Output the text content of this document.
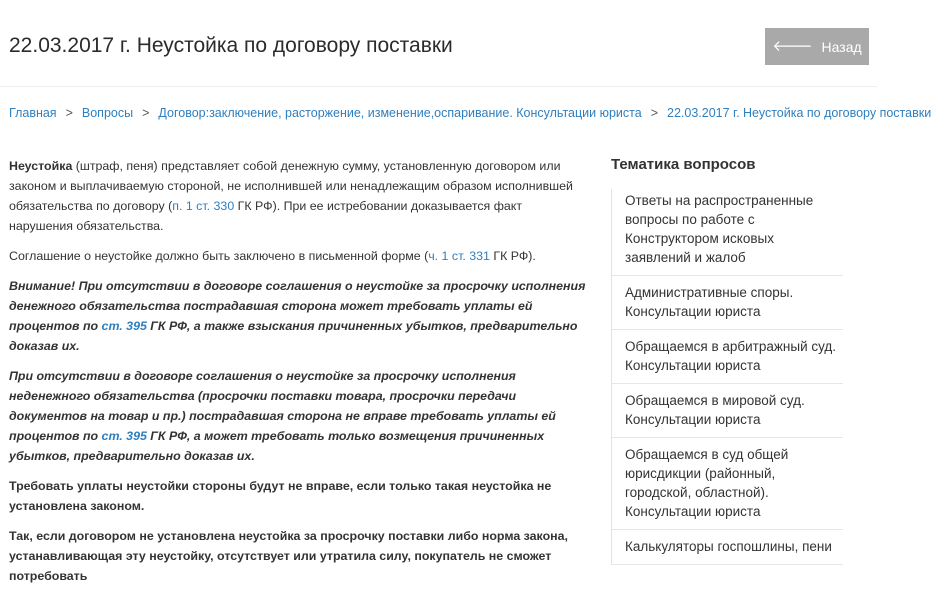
22.03.2017 г. Неустойка по договору поставки	🡐 Назад
Главная > Вопросы > Договор:заключение, расторжение, изменение,оспаривание. Консультации юриста > 22.03.2017 г. Неустойка по договору поставки

Неустойка (штраф, пеня) представляет собой денежную сумму, установленную договором или законом и выплачиваемую стороной, не исполнившей или ненадлежащим образом исполнившей обязательства по договору (п. 1 ст. 330 ГК РФ). При ее истребовании доказывается факт нарушения обязательства.

Соглашение о неустойке должно быть заключено в письменной форме (ч. 1 ст. 331 ГК РФ).

Внимание! При отсутствии в договоре соглашения о неустойке за просрочку исполнения денежного обязательства пострадавшая сторона может требовать уплаты ей процентов по ст. 395 ГК РФ, а также взыскания причиненных убытков, предварительно доказав их.

При отсутствии в договоре соглашения о неустойке за просрочку исполнения неденежного обязательства (просрочки поставки товара, просрочки передачи документов на товар и пр.) пострадавшая сторона не вправе требовать уплаты ей процентов по ст. 395 ГК РФ, а может требовать только возмещения причиненных убытков, предварительно доказав их.

Требовать уплаты неустойки стороны будут не вправе, если только такая неустойка не установлена законом.

Так, если договором не установлена неустойка за просрочку поставки либо норма закона, устанавливающая эту неустойку, отсутствует или утратила силу, покупатель не сможет потребовать

Тематика вопросов
Ответы на распространенные вопросы по работе с Конструктором исковых заявлений и жалоб
Административные споры. Консультации юриста
Обращаемся в арбитражный суд. Консультации юриста
Обращаемся в мировой суд. Консультации юриста
Обращаемся в суд общей юрисдикции (районный, городской, областной). Консультации юриста
Калькуляторы госпошлины, пени
